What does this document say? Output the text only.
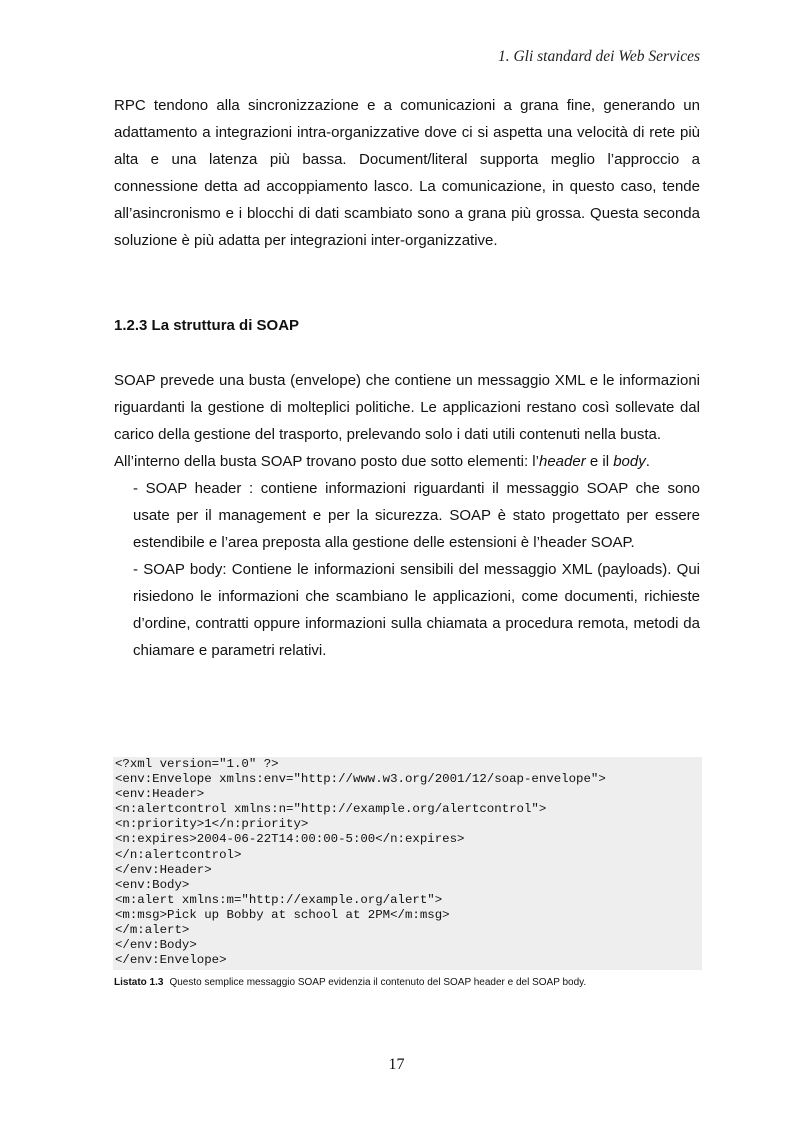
1. Gli standard dei Web Services

RPC tendono alla sincronizzazione e a comunicazioni a grana fine, generando un adattamento a integrazioni intra-organizzative dove ci si aspetta una velocità di rete più alta e una latenza più bassa. Document/literal supporta meglio l’approccio a connessione detta ad accoppiamento lasco. La comunicazione, in questo caso, tende all’asincronismo e i blocchi di dati scambiato sono a grana più grossa. Questa seconda soluzione è più adatta per integrazioni inter-organizzative.

1.2.3 La struttura di SOAP

SOAP prevede una busta (envelope) che contiene un messaggio XML e le informazioni riguardanti la gestione di molteplici politiche. Le applicazioni restano così sollevate dal carico della gestione del trasporto, prelevando solo i dati utili contenuti nella busta.

All’interno della busta SOAP trovano posto due sotto elementi: l’header e il body.

- SOAP header : contiene informazioni riguardanti il messaggio SOAP che sono usate per il management e per la sicurezza. SOAP è stato progettato per essere estendibile e l’area preposta alla gestione delle estensioni è l’header SOAP.

- SOAP body: Contiene le informazioni sensibili del messaggio XML (payloads). Qui risiedono le informazioni che scambiano le applicazioni, come documenti, richieste d’ordine, contratti oppure informazioni sulla chiamata a procedura remota, metodi da chiamare e parametri relativi.

<?xml version="1.0" ?>
<env:Envelope xmlns:env="http://www.w3.org/2001/12/soap-envelope">
<env:Header>
<n:alertcontrol xmlns:n="http://example.org/alertcontrol">
<n:priority>1</n:priority>
<n:expires>2004-06-22T14:00:00-5:00</n:expires>
</n:alertcontrol>
</env:Header>
<env:Body>
<m:alert xmlns:m="http://example.org/alert">
<m:msg>Pick up Bobby at school at 2PM</m:msg>
</m:alert>
</env:Body>
</env:Envelope>
Listato 1.3 Questo semplice messaggio SOAP evidenzia il contenuto del SOAP header e del SOAP body.
17
